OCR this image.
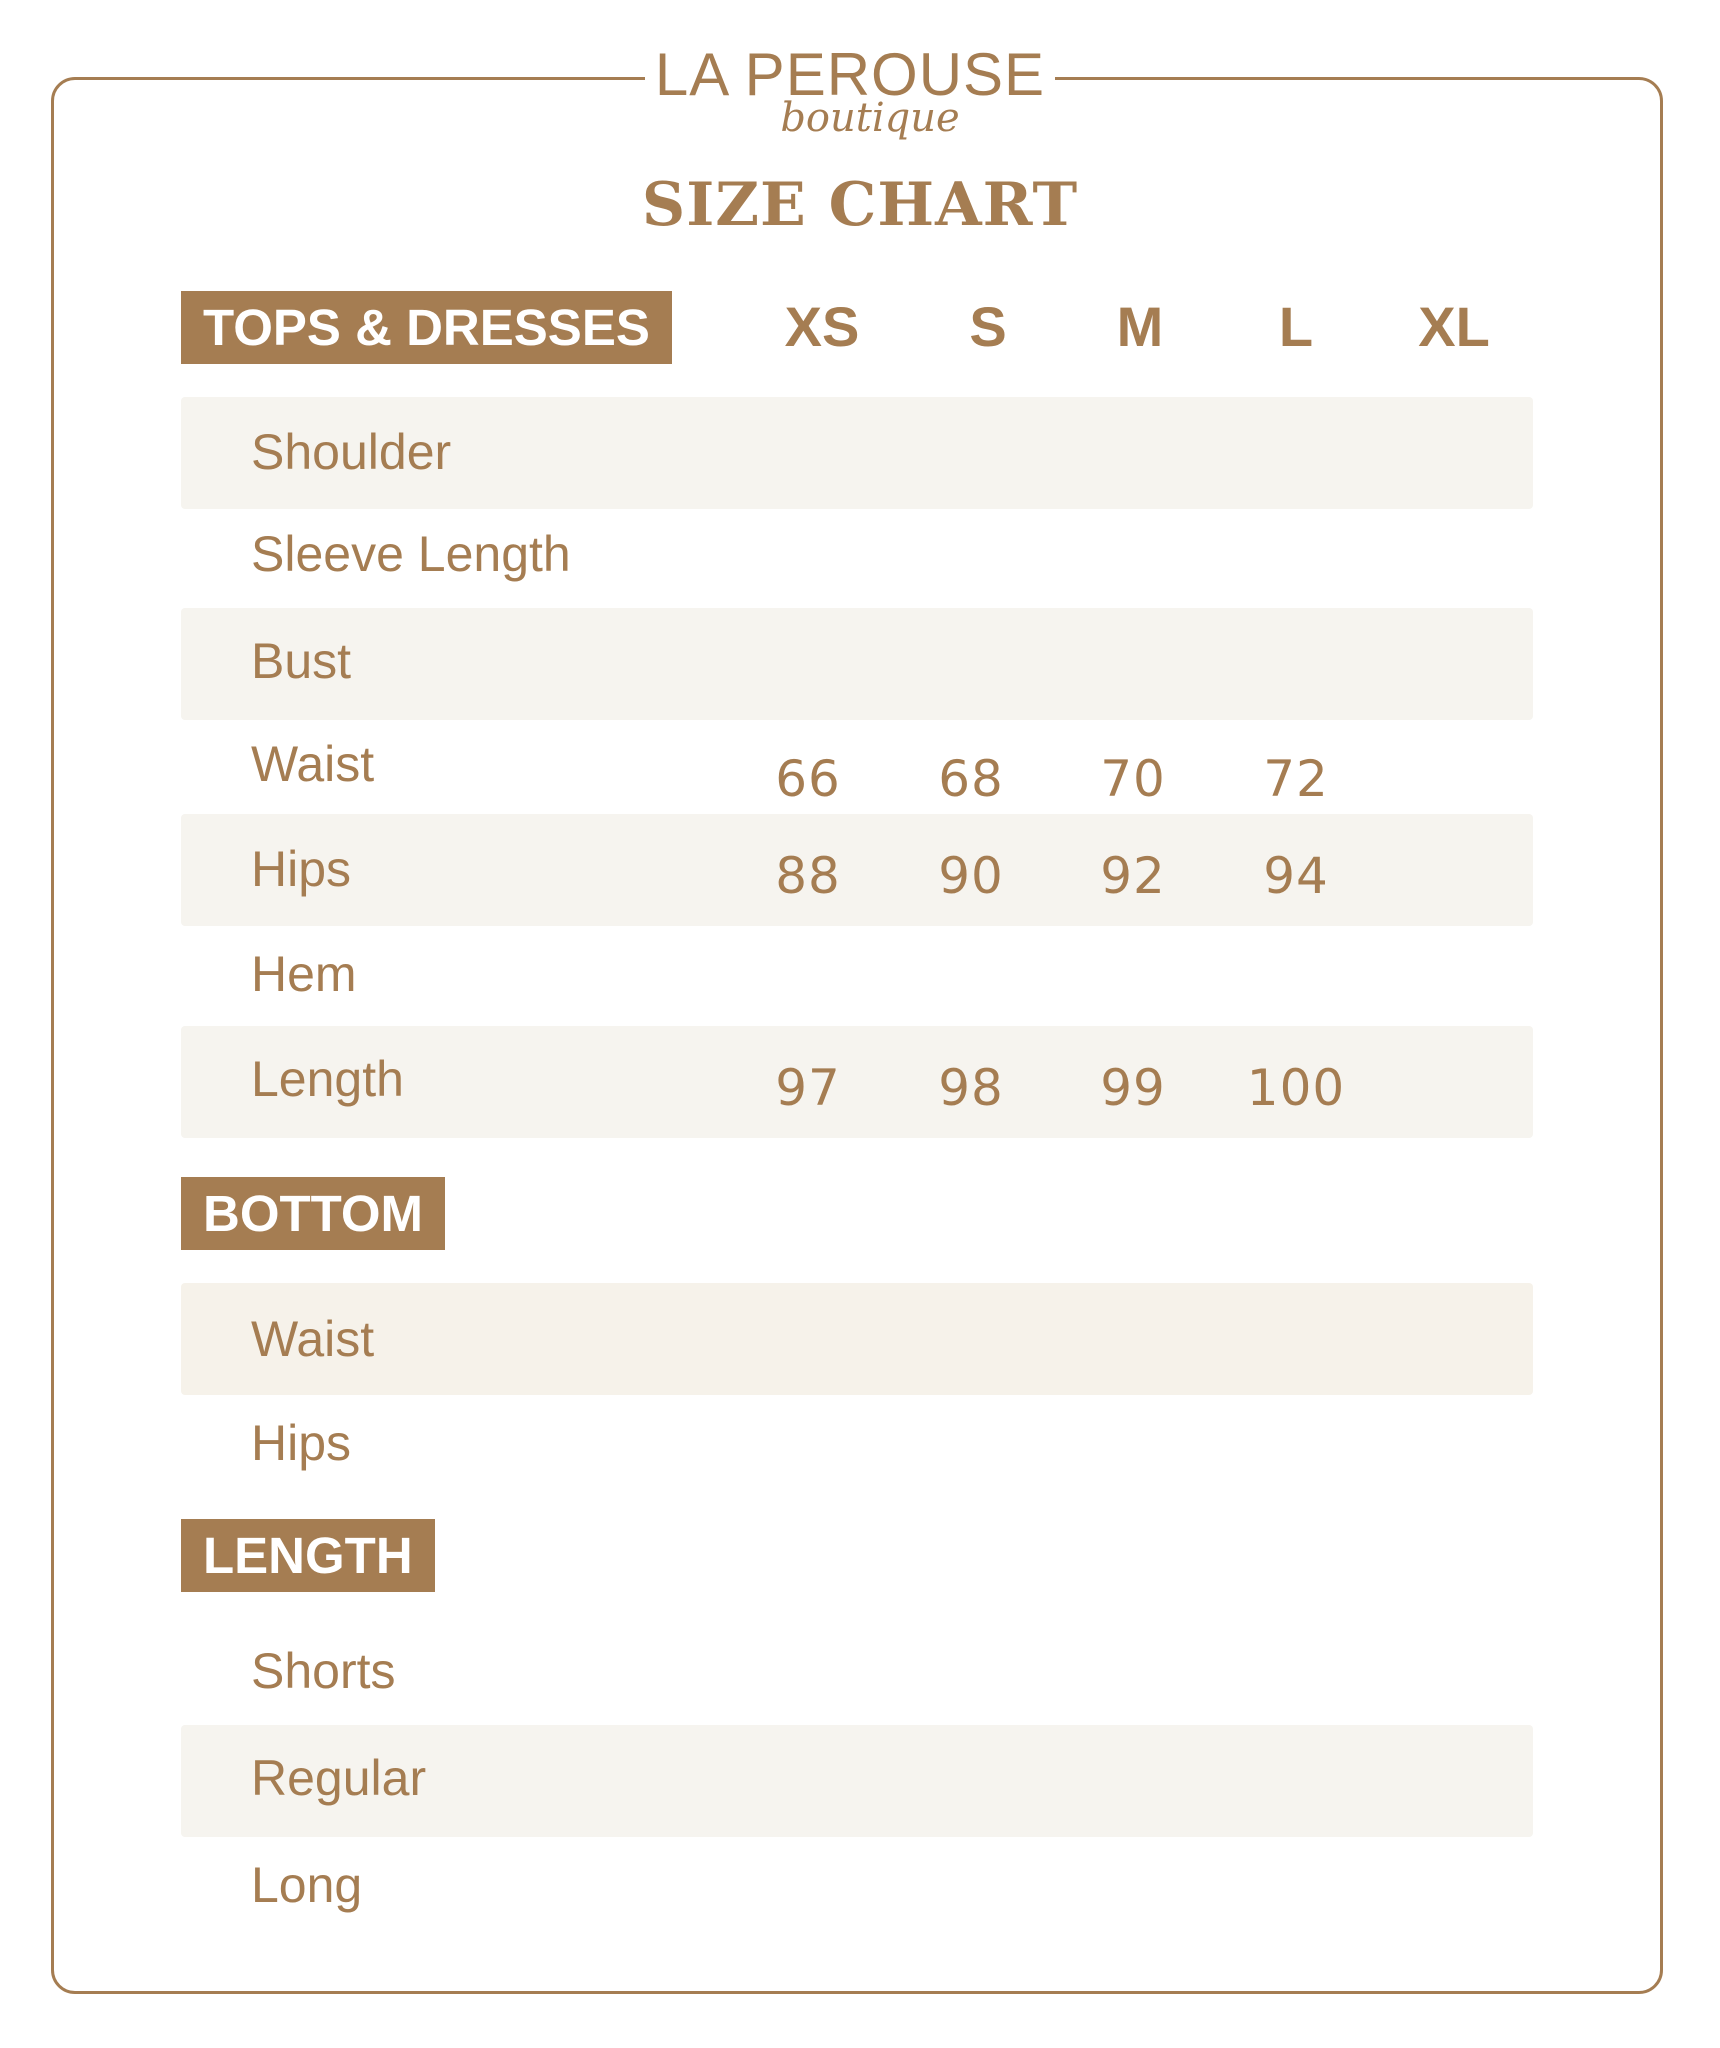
LA PEROUSE
boutique
SIZE CHART
TOPS & DRESSES	XS	S	M	L	XL
Shoulder
Sleeve Length
Bust
Waist	66	68	70	72
Hips	88	90	92	94
Hem
Length	97	98	99	100
BOTTOM
Waist
Hips
LENGTH
Shorts
Regular
Long
